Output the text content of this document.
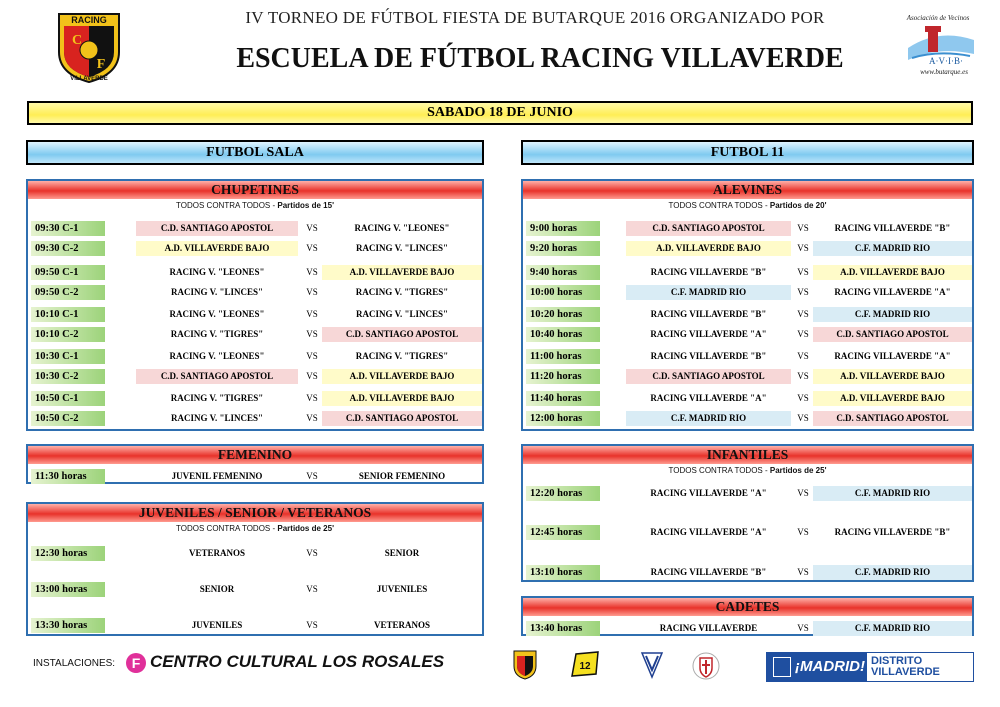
RACING
C
F
VILLAVERDE
IV TORNEO DE FÚTBOL FIESTA DE BUTARQUE 2016 ORGANIZADO POR
ESCUELA DE FÚTBOL RACING VILLAVERDE
Asociación de Vecinos
A·V·I·B·
www.butarque.es
SABADO 18 DE JUNIO
FUTBOL SALA	FUTBOL 11
CHUPETINES
TODOS CONTRA TODOS - Partidos de 15'
09:30 C-1	C.D. SANTIAGO APOSTOL	VS	RACING V. "LEONES"
09:30 C-2	A.D. VILLAVERDE BAJO	VS	RACING V. "LINCES"
09:50 C-1	RACING V. "LEONES"	VS	A.D. VILLAVERDE BAJO
09:50 C-2	RACING V. "LINCES"	VS	RACING V. "TIGRES"
10:10 C-1	RACING V. "LEONES"	VS	RACING V. "LINCES"
10:10 C-2	RACING V. "TIGRES"	VS	C.D. SANTIAGO APOSTOL
10:30 C-1	RACING V. "LEONES"	VS	RACING V. "TIGRES"
10:30 C-2	C.D. SANTIAGO APOSTOL	VS	A.D. VILLAVERDE BAJO
10:50 C-1	RACING V. "TIGRES"	VS	A.D. VILLAVERDE BAJO
10:50 C-2	RACING V. "LINCES"	VS	C.D. SANTIAGO APOSTOL
FEMENINO
11:30 horas	JUVENIL FEMENINO	VS	SENIOR FEMENINO
JUVENILES / SENIOR / VETERANOS
TODOS CONTRA TODOS - Partidos de 25'
12:30 horas	VETERANOS	VS	SENIOR
13:00 horas	SENIOR	VS	JUVENILES
13:30 horas	JUVENILES	VS	VETERANOS
ALEVINES
TODOS CONTRA TODOS - Partidos de 20'
9:00 horas	C.D. SANTIAGO APOSTOL	VS	RACING VILLAVERDE "B"
9:20 horas	A.D. VILLAVERDE BAJO	VS	C.F. MADRID RIO
9:40 horas	RACING VILLAVERDE "B"	VS	A.D. VILLAVERDE BAJO
10:00 horas	C.F. MADRID RIO	VS	RACING VILLAVERDE "A"
10:20 horas	RACING VILLAVERDE "B"	VS	C.F. MADRID RIO
10:40 horas	RACING VILLAVERDE "A"	VS	C.D. SANTIAGO APOSTOL
11:00 horas	RACING VILLAVERDE "B"	VS	RACING VILLAVERDE "A"
11:20 horas	C.D. SANTIAGO APOSTOL	VS	A.D. VILLAVERDE BAJO
11:40 horas	RACING VILLAVERDE "A"	VS	A.D. VILLAVERDE BAJO
12:00 horas	C.F. MADRID RIO	VS	C.D. SANTIAGO APOSTOL
INFANTILES
TODOS CONTRA TODOS - Partidos de 25'
12:20 horas	RACING VILLAVERDE "A"	VS	C.F. MADRID RIO
12:45 horas	RACING VILLAVERDE "A"	VS	RACING VILLAVERDE "B"
13:10 horas	RACING VILLAVERDE "B"	VS	C.F. MADRID RIO
CADETES
13:40 horas	RACING VILLAVERDE	VS	C.F. MADRID RIO
INSTALACIONES:	F CENTRO CULTURAL LOS ROSALES	12	¡MADRID! DISTRITO
VILLAVERDE
